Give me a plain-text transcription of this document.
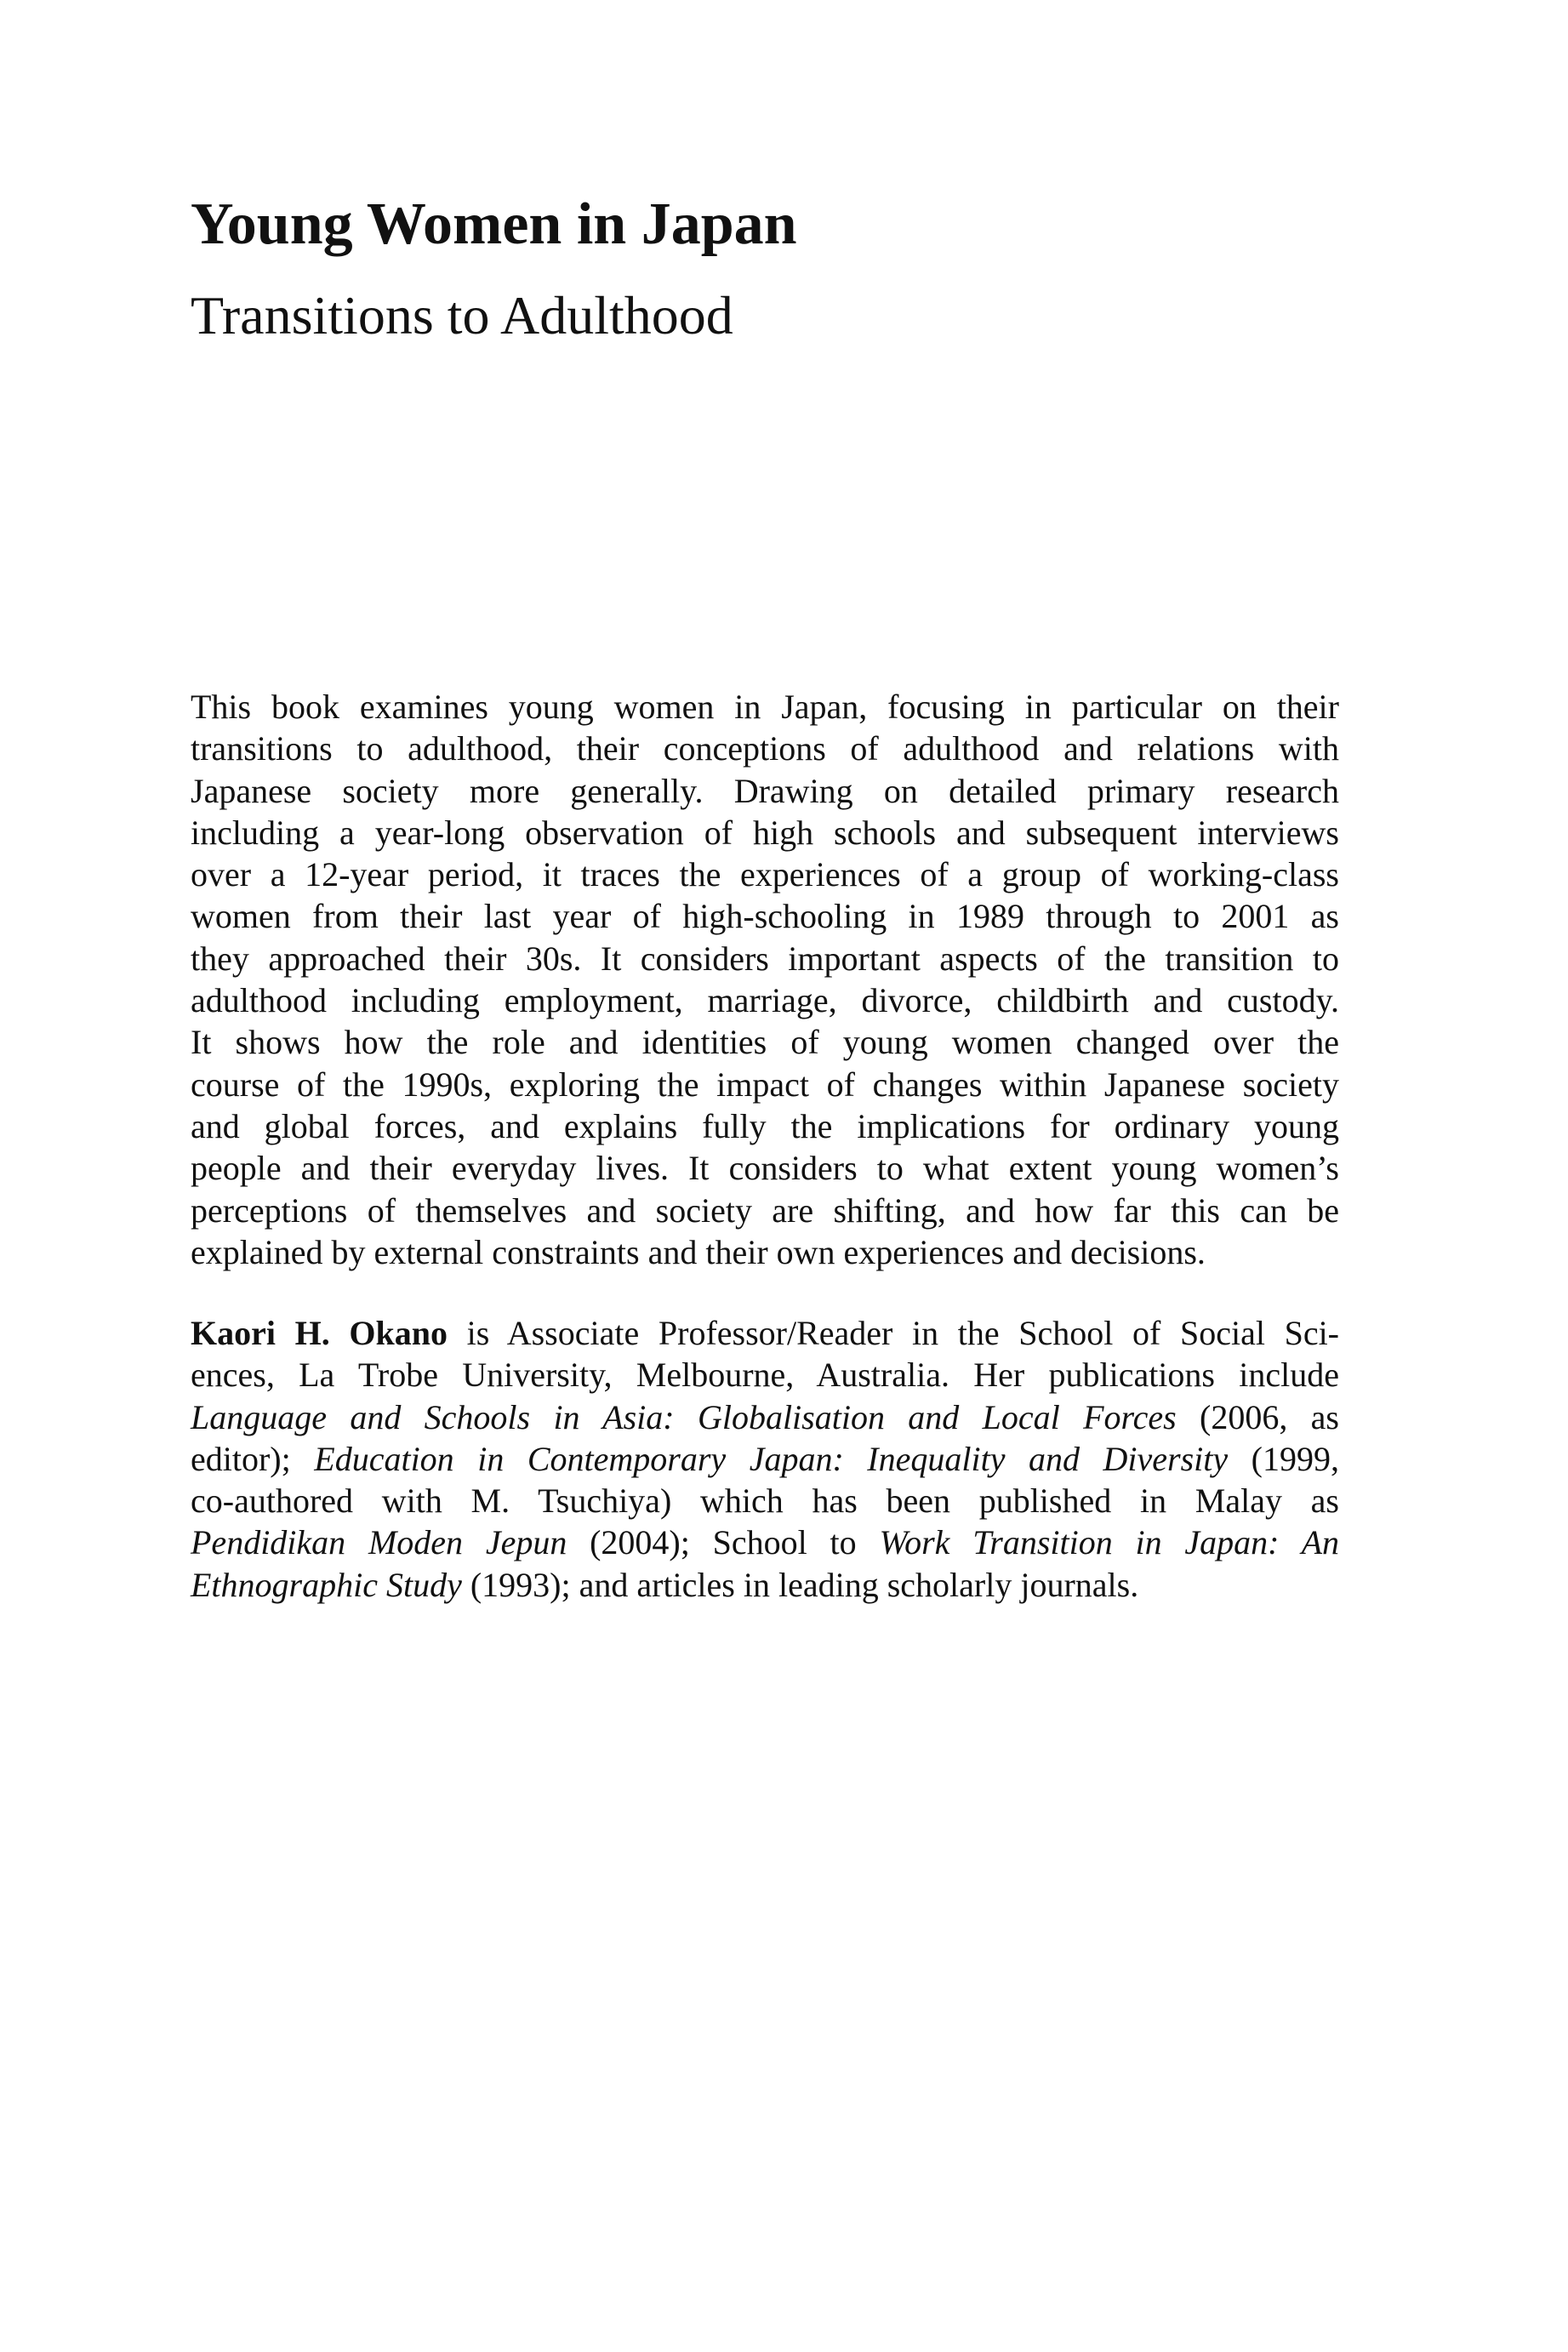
Young Women in Japan
Transitions to Adulthood
This book examines young women in Japan, focusing in particular on their
transitions to adulthood, their conceptions of adulthood and relations with
Japanese society more generally. Drawing on detailed primary research
including a year-long observation of high schools and subsequent interviews
over a 12-year period, it traces the experiences of a group of working-class
women from their last year of high-schooling in 1989 through to 2001 as
they approached their 30s. It considers important aspects of the transition to
adulthood including employment, marriage, divorce, childbirth and custody.
It shows how the role and identities of young women changed over the
course of the 1990s, exploring the impact of changes within Japanese society
and global forces, and explains fully the implications for ordinary young
people and their everyday lives. It considers to what extent young women’s
perceptions of themselves and society are shifting, and how far this can be
explained by external constraints and their own experiences and decisions.
Kaori H. Okano is Associate Professor/Reader in the School of Social Sci-
ences, La Trobe University, Melbourne, Australia. Her publications include
Language and Schools in Asia: Globalisation and Local Forces (2006, as
editor); Education in Contemporary Japan: Inequality and Diversity (1999,
co-authored with M. Tsuchiya) which has been published in Malay as
Pendidikan Moden Jepun (2004); School to Work Transition in Japan: An
Ethnographic Study (1993); and articles in leading scholarly journals.
